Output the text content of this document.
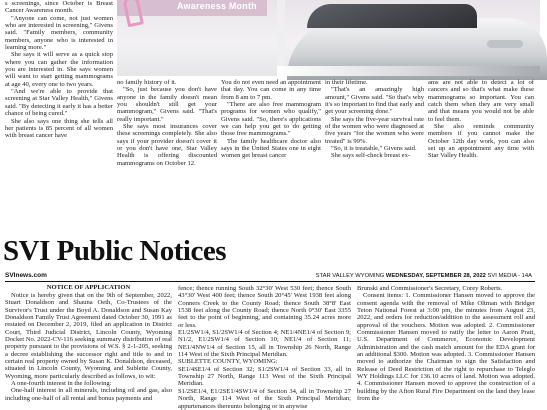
s screenings, since October is Breast Cancer Awareness month.

"Anyone can come, not just women who are interested in screening," Givens said. "Family members, community members, anyone who is interested in learning more."

She says it will serve as a quick stop where you can gather the information you are interested in. She says women will want to start getting mammograms at age 40, every one to two years.

"And we're able to provide that screening at Star Valley Health," Givens said. "By detecting it early it has a better chance of being cured."

She also says one thing she tells all her patients is 85 percent of all women with breast cancer have

Awareness Month

no family history of it.

"So, just because you don't have anyone in the family doesn't mean you shouldn't still get your mammogram," Givens said. "That's really important."

She says most insurances cover these screenings completely. She also says if your provider doesn't cover it or you don't have one, Star Valley Health is offering discounted mammograms on October 12.

You do not even need an appointment that day. You can come in any time from 8 am to 7 pm.

"There are also free mammogram programs for women who qualify," Givens said. "So, there's applications we can help you get to do getting those free mammograms."

The family healthcare doctor also says in the United States one in eight women get breast cancer

in their lifetime.

"That's an amazingly high amount," Givens said. "So that's why it's so important to find that early and get your screening done."

She says the five-year survival rate of the women who were diagnosed at five years "for the women who were treated" is 99%.

"So, it is treatable," Givens said.

She says self-check breast ex-

ams are not able to detect a lot of cancers and so that's what make these mammograms so important. You can catch them when they are very small and that means you would not be able to feel them.

She also reminds community members if you cannot make the October 12th day work, you can also set up an appointment any time with Star Valley Health.

SVI Public Notices
SVInews.com	STAR VALLEY WYOMING WEDNESDAY, SEPTEMBER 28, 2022 SVI MEDIA - 14A
NOTICE OF APPLICATION

Notice is hereby given that on the 9th of September, 2022, Stuart Donaldson and Shauna Oeth, Co-Trustees of the Survivor's Trust under the Boyd A. Donaldson and Susan Kay Donaldson Family Trust Agreement dated October 30, 1991 as restated on December 2, 2019, filed an application in District Court, Third Judicial District, Lincoln County, Wyoming Docket No. 2022-CV-116 seeking summary distribution of real property pursuant to the provisions of W.S. § 2-1-205, seeking a decree establishing the successor right and title to and in certain real property owned by Susan K. Donaldson, deceased, situated in Lincoln County, Wyoming and Sublette County, Wyoming, more particularly described as follows, to wit:

A one-fourth interest in the following:

One-half interest in all minerals, including oil and gas, also including one-half of all rental and bonus payments and

fence; thence running South 32°30' West 530 feet; thence South 43°30' West 400 feet; thence South 20°45' West 1938 feet along Conners Creek to the County Road; thence South 38°8' East 1538 feet along the County Road; thence North 0°30' East 3355 feet to the point of beginning, and containing 35.24 acres more or less.

E1/2SW1/4, S1/2SW1/4 of Section 4; NE1/4NE1/4 of Section 9; N1/2, E1/2SW1/4 of Section 10; NE1/4 of Section 11; NE1/4NW1/4 of Section 15, all in Township 26 North, Range 114 West of the Sixth Principal Meridian.

SUBLETTE COUNTY, WYOMING:

SE1/4SE1/4 of Section 32; S1/2SW1/4 of Section 33, all in Township 27 North, Range 113 West of the Sixth Principal Meridian.

S1/2SE1/4, E1/2SE1/4SW1/4 of Section 34, all in Township 27 North, Range 114 West of the Sixth Principal Meridian; appurtenances thereunto belonging or in anywise

Brunski and Commissioner's Secretary, Corey Roberts.

Consent items: 1. Commissioner Hansen moved to approve the consent agenda with the removal of Mike Oltman with Bridger Teton National Forest at 3:00 pm, the minutes from August 23, 2022, and orders for reduction/addition to the assessment roll and approval of the vouchers. Motion was adopted. 2. Commissioner Commissioner Hansen moved to ratify the letter to Aaron Pratt, U.S. Department of Commerce, Economic Development Administration and the cash match amount for the EDA grant for an additional $300. Motion was adopted. 3. Commissioner Hansen moved to authorize the Chairman to sign the Satisfaction and Release of Deed Restriction of the right to repurchase to Teleglo WY Holdings LLC for 136.10 acres of land. Motion was adopted. 4. Commissioner Hansen moved to approve the construction of a building by the Afton Rural Fire Department on the land they lease from the
